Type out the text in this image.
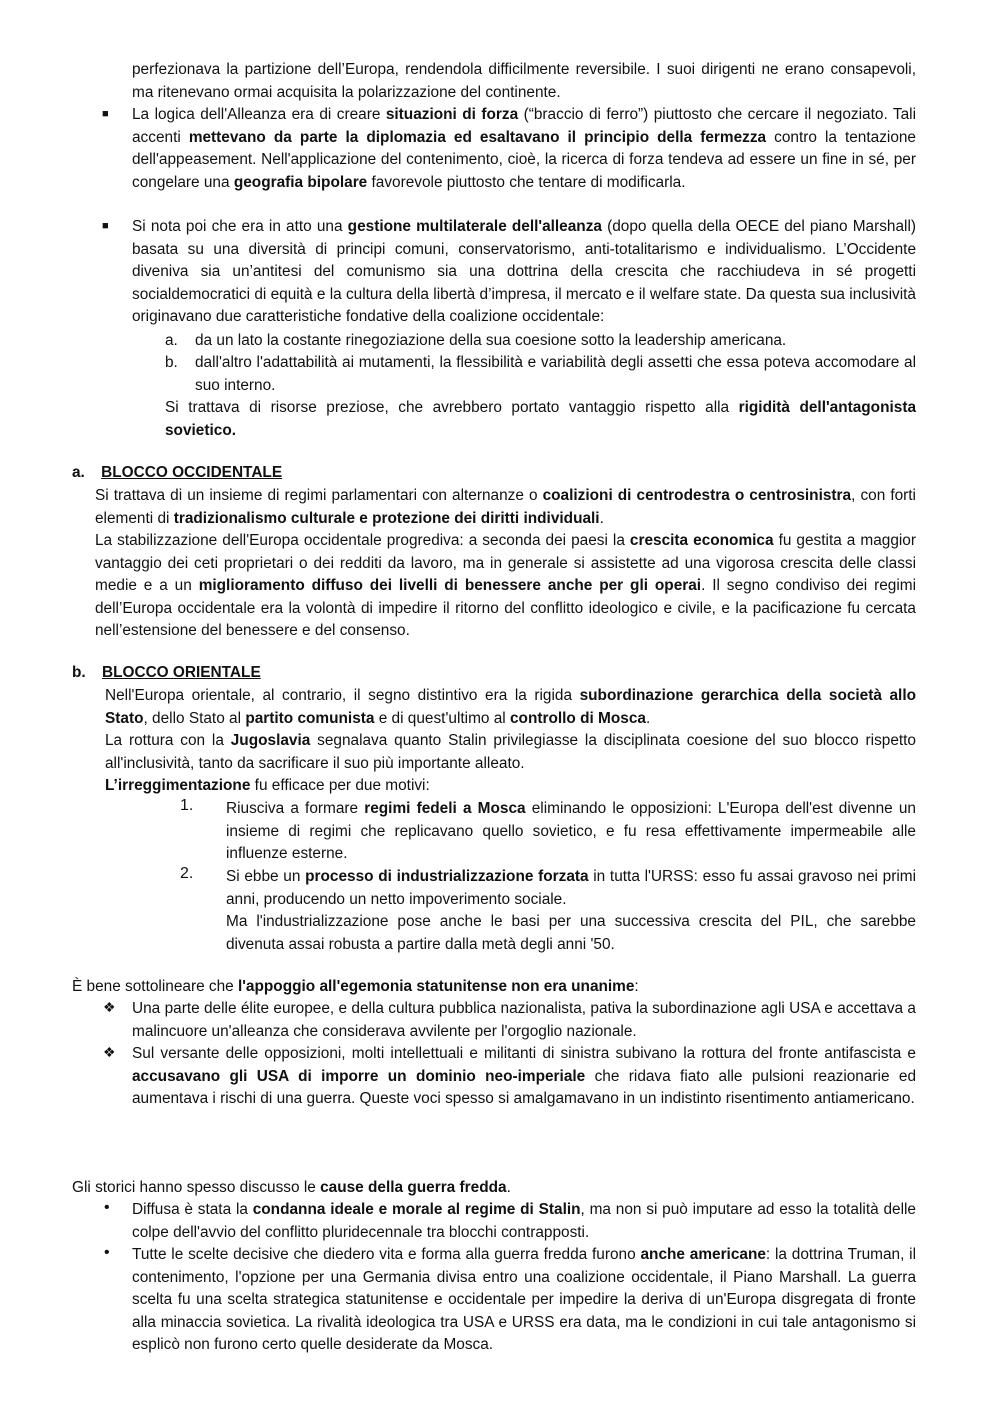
perfezionava la partizione dell’Europa, rendendola difficilmente reversibile. I suoi dirigenti ne erano consapevoli, ma ritenevano ormai acquisita la polarizzazione del continente.
■ La logica dell'Alleanza era di creare situazioni di forza (“braccio di ferro”) piuttosto che cercare il negoziato. Tali accenti mettevano da parte la diplomazia ed esaltavano il principio della fermezza contro la tentazione dell'appeasement. Nell'applicazione del contenimento, cioè, la ricerca di forza tendeva ad essere un fine in sé, per congelare una geografia bipolare favorevole piuttosto che tentare di modificarla.
■ Si nota poi che era in atto una gestione multilaterale dell'alleanza (dopo quella della OECE del piano Marshall) basata su una diversità di principi comuni, conservatorismo, anti-totalitarismo e individualismo. L’Occidente diveniva sia un’antitesi del comunismo sia una dottrina della crescita che racchiudeva in sé progetti socialdemocratici di equità e la cultura della libertà d’impresa, il mercato e il welfare state. Da questa sua inclusività originavano due caratteristiche fondative della coalizione occidentale:
a. da un lato la costante rinegoziazione della sua coesione sotto la leadership americana.
b. dall'altro l'adattabilità ai mutamenti, la flessibilità e variabilità degli assetti che essa poteva accomodare al suo interno.
Si trattava di risorse preziose, che avrebbero portato vantaggio rispetto alla rigidità dell'antagonista sovietico.
a. BLOCCO OCCIDENTALE
Si trattava di un insieme di regimi parlamentari con alternanze o coalizioni di centrodestra o centrosinistra, con forti elementi di tradizionalismo culturale e protezione dei diritti individuali.
La stabilizzazione dell'Europa occidentale progrediva: a seconda dei paesi la crescita economica fu gestita a maggior vantaggio dei ceti proprietari o dei redditi da lavoro, ma in generale si assistette ad una vigorosa crescita delle classi medie e a un miglioramento diffuso dei livelli di benessere anche per gli operai. Il segno condiviso dei regimi dell’Europa occidentale era la volontà di impedire il ritorno del conflitto ideologico e civile, e la pacificazione fu cercata nell’estensione del benessere e del consenso.
b. BLOCCO ORIENTALE
Nell'Europa orientale, al contrario, il segno distintivo era la rigida subordinazione gerarchica della società allo Stato, dello Stato al partito comunista e di quest'ultimo al controllo di Mosca.
La rottura con la Jugoslavia segnalava quanto Stalin privilegiasse la disciplinata coesione del suo blocco rispetto all'inclusività, tanto da sacrificare il suo più importante alleato.
L’irreggimentazione fu efficace per due motivi:
1. Riusciva a formare regimi fedeli a Mosca eliminando le opposizioni: L'Europa dell'est divenne un insieme di regimi che replicavano quello sovietico, e fu resa effettivamente impermeabile alle influenze esterne.
2. Si ebbe un processo di industrializzazione forzata in tutta l'URSS: esso fu assai gravoso nei primi anni, producendo un netto impoverimento sociale.
Ma l'industrializzazione pose anche le basi per una successiva crescita del PIL, che sarebbe divenuta assai robusta a partire dalla metà degli anni '50.
È bene sottolineare che l'appoggio all'egemonia statunitense non era unanime:
❖ Una parte delle élite europee, e della cultura pubblica nazionalista, pativa la subordinazione agli USA e accettava a malincuore un'alleanza che considerava avvilente per l'orgoglio nazionale.
❖ Sul versante delle opposizioni, molti intellettuali e militanti di sinistra subivano la rottura del fronte antifascista e accusavano gli USA di imporre un dominio neo-imperiale che ridava fiato alle pulsioni reazionarie ed aumentava i rischi di una guerra. Queste voci spesso si amalgamavano in un indistinto risentimento antiamericano.
Gli storici hanno spesso discusso le cause della guerra fredda.
• Diffusa è stata la condanna ideale e morale al regime di Stalin, ma non si può imputare ad esso la totalità delle colpe dell'avvio del conflitto pluridecennale tra blocchi contrapposti.
• Tutte le scelte decisive che diedero vita e forma alla guerra fredda furono anche americane: la dottrina Truman, il contenimento, l'opzione per una Germania divisa entro una coalizione occidentale, il Piano Marshall. La guerra scelta fu una scelta strategica statunitense e occidentale per impedire la deriva di un'Europa disgregata di fronte alla minaccia sovietica. La rivalità ideologica tra USA e URSS era data, ma le condizioni in cui tale antagonismo si esplicò non furono certo quelle desiderate da Mosca.
